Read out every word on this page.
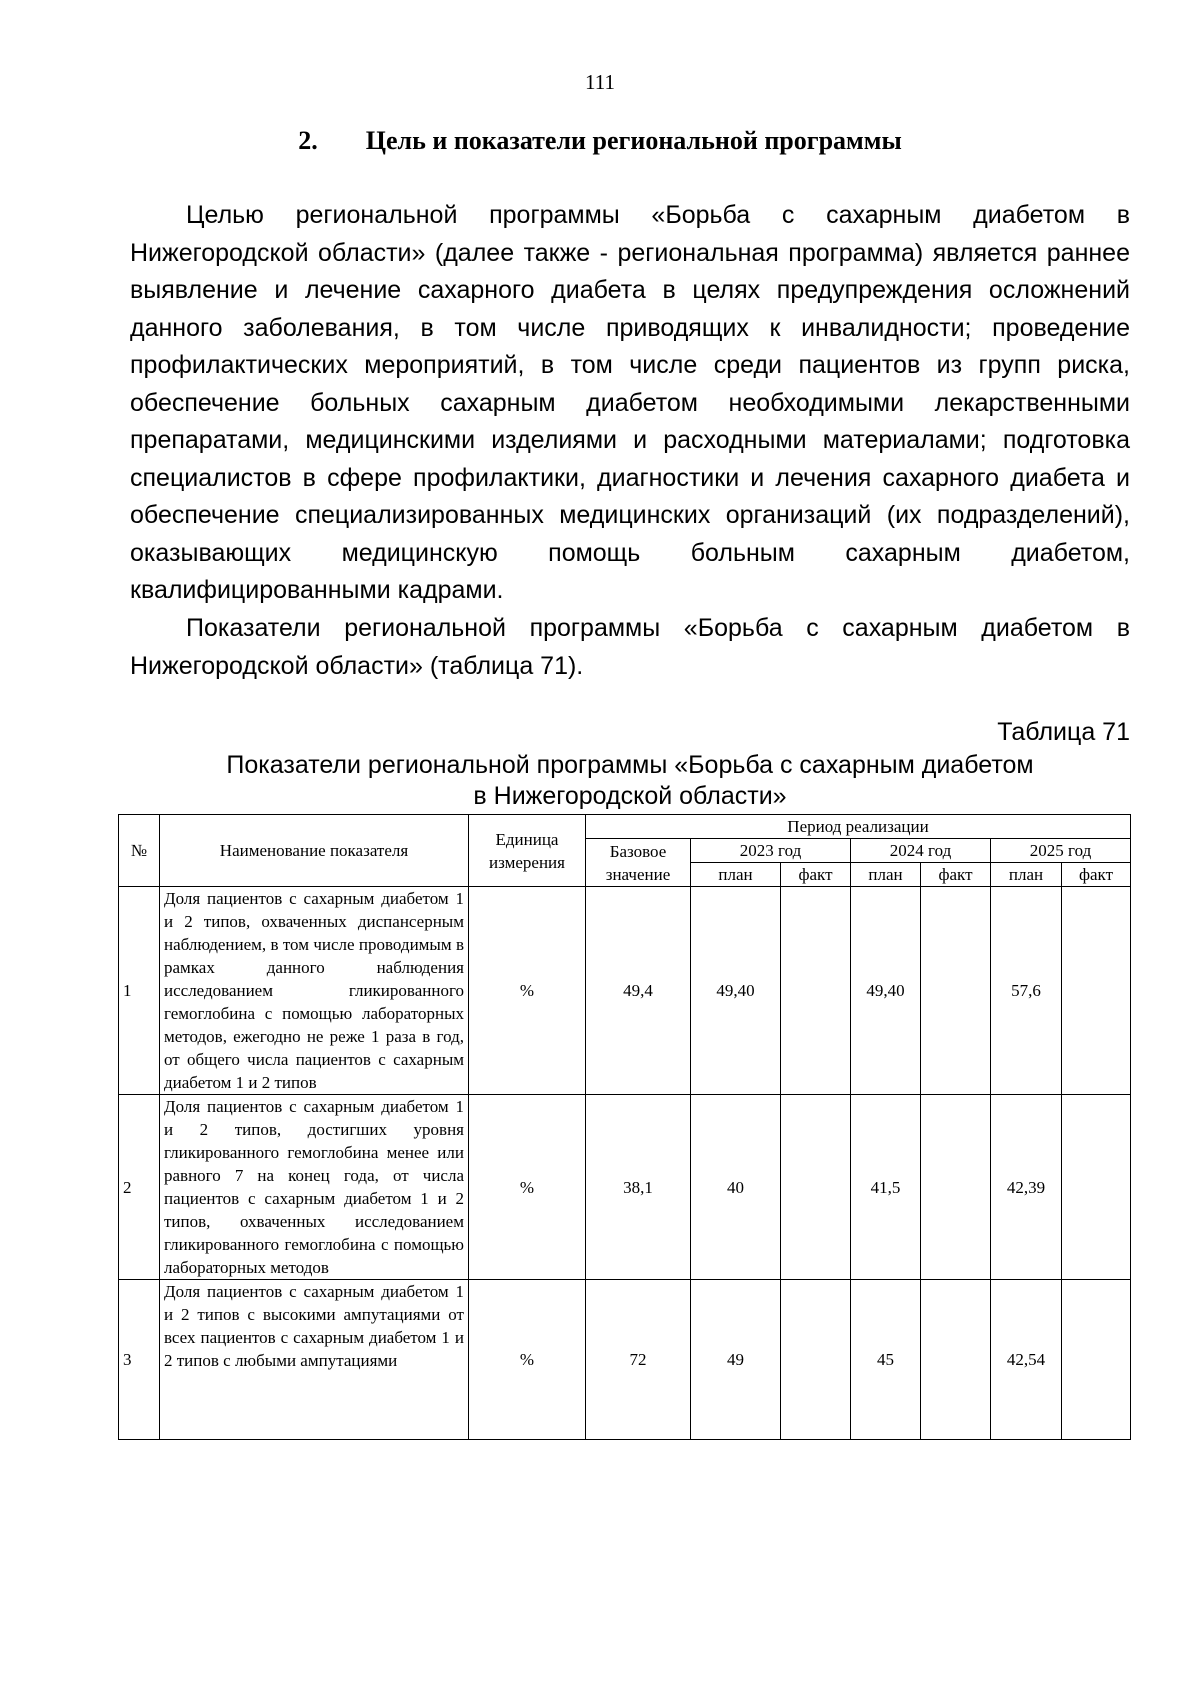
111
2. Цель и показатели региональной программы

Целью региональной программы «Борьба с сахарным диабетом в Нижегородской области» (далее также - региональная программа) является раннее выявление и лечение сахарного диабета в целях предупреждения осложнений данного заболевания, в том числе приводящих к инвалидности; проведение профилактических мероприятий, в том числе среди пациентов из групп риска, обеспечение больных сахарным диабетом необходимыми лекарственными препаратами, медицинскими изделиями и расходными материалами; подготовка специалистов в сфере профилактики, диагностики и лечения сахарного диабета и обеспечение специализированных медицинских организаций (их подразделений), оказывающих медицинскую помощь больным сахарным диабетом, квалифицированными кадрами.

Показатели региональной программы «Борьба с сахарным диабетом в Нижегородской области» (таблица 71).

Таблица 71
Показатели региональной программы «Борьба с сахарным диабетом
в Нижегородской области»
№	Наименование показателя	Единица измерения	Период реализации						
			Базовое значение	2023 год		2024 год		2025 год	
				план	факт	план	факт	план	факт
1	Доля пациентов с сахарным диабетом 1 и 2 типов, охваченных диспансерным наблюдением, в том числе проводимым в рамках данного наблюдения исследованием гликированного гемоглобина с помощью лабораторных методов, ежегодно не реже 1 раза в год, от общего числа пациентов с сахарным диабетом 1 и 2 типов	%	49,4	49,40		49,40		57,6	
2	Доля пациентов с сахарным диабетом 1 и 2 типов, достигших уровня гликированного гемоглобина менее или равного 7 на конец года, от числа пациентов с сахарным диабетом 1 и 2 типов, охваченных исследованием гликированного гемоглобина с помощью лабораторных методов	%	38,1	40		41,5		42,39	
3	Доля пациентов с сахарным диабетом 1 и 2 типов с высокими ампутациями от всех пациентов с сахарным диабетом 1 и 2 типов с любыми ампутациями	%	72	49		45		42,54	
